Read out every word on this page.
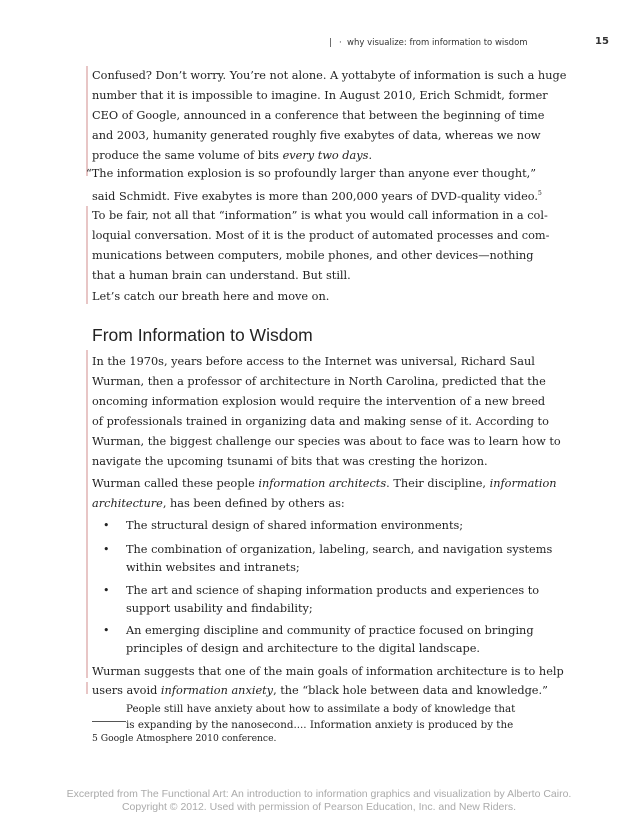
| · why visualize: from information to wisdom	15
Confused? Don’t worry. You’re not alone. A yottabyte of information is such a huge
number that it is impossible to imagine. In August 2010, Erich Schmidt, former
CEO of Google, announced in a conference that between the beginning of time
and 2003, humanity generated roughly five exabytes of data, whereas we now
produce the same volume of bits every two days.
“The information explosion is so profoundly larger than anyone ever thought,”
said Schmidt. Five exabytes is more than 200,000 years of DVD-quality video.$^5$
To be fair, not all that “information” is what you would call information in a col-
loquial conversation. Most of it is the product of automated processes and com-
munications between computers, mobile phones, and other devices—nothing
that a human brain can understand. But still.
Let’s catch our breath here and move on.
From Information to Wisdom
In the 1970s, years before access to the Internet was universal, Richard Saul
Wurman, then a professor of architecture in North Carolina, predicted that the
oncoming information explosion would require the intervention of a new breed
of professionals trained in organizing data and making sense of it. According to
Wurman, the biggest challenge our species was about to face was to learn how to
navigate the upcoming tsunami of bits that was cresting the horizon.
Wurman called these people information architects. Their discipline, information
architecture, has been defined by others as:
• The structural design of shared information environments;
• The combination of organization, labeling, search, and navigation systems
within websites and intranets;
• The art and science of shaping information products and experiences to
support usability and findability;
• An emerging discipline and community of practice focused on bringing
principles of design and architecture to the digital landscape.
Wurman suggests that one of the main goals of information architecture is to help
users avoid information anxiety, the “black hole between data and knowledge.”
People still have anxiety about how to assimilate a body of knowledge that
is expanding by the nanosecond.... Information anxiety is produced by the
5 Google Atmosphere 2010 conference.
Excerpted from The Functional Art: An introduction to information graphics and visualization by Alberto Cairo.
Copyright © 2012. Used with permission of Pearson Education, Inc. and New Riders.
